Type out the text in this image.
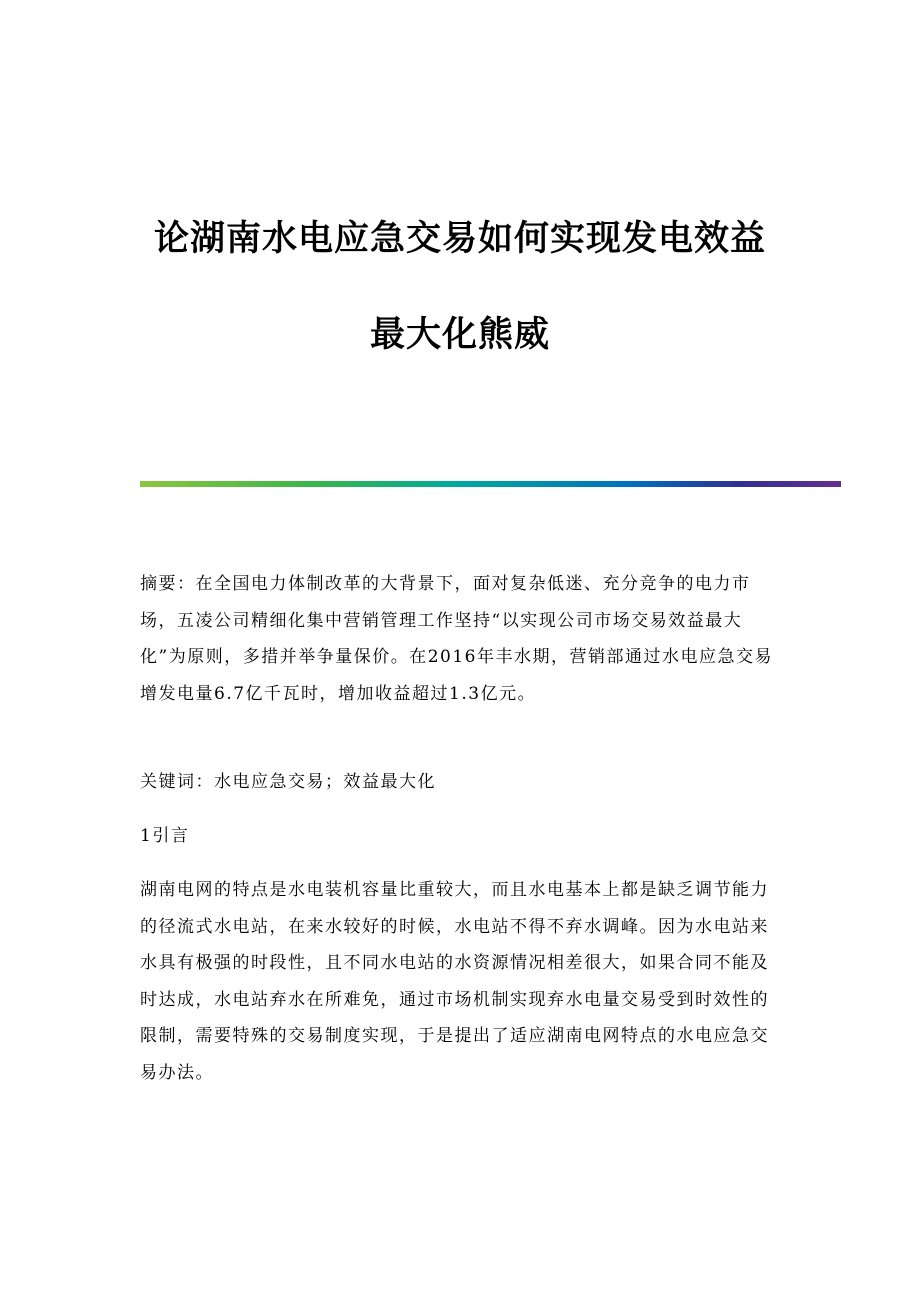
论湖南水电应急交易如何实现发电效益
最大化熊威

摘要：在全国电力体制改革的大背景下，面对复杂低迷、充分竞争的电力市场，五凌公司精细化集中营销管理工作坚持“以实现公司市场交易效益最大化”为原则，多措并举争量保价。在2016年丰水期，营销部通过水电应急交易增发电量6.7亿千瓦时，增加收益超过1.3亿元。

关键词：水电应急交易；效益最大化

1引言

湖南电网的特点是水电装机容量比重较大，而且水电基本上都是缺乏调节能力的径流式水电站，在来水较好的时候，水电站不得不弃水调峰。因为水电站来水具有极强的时段性，且不同水电站的水资源情况相差很大，如果合同不能及时达成，水电站弃水在所难免，通过市场机制实现弃水电量交易受到时效性的限制，需要特殊的交易制度实现，于是提出了适应湖南电网特点的水电应急交易办法。
